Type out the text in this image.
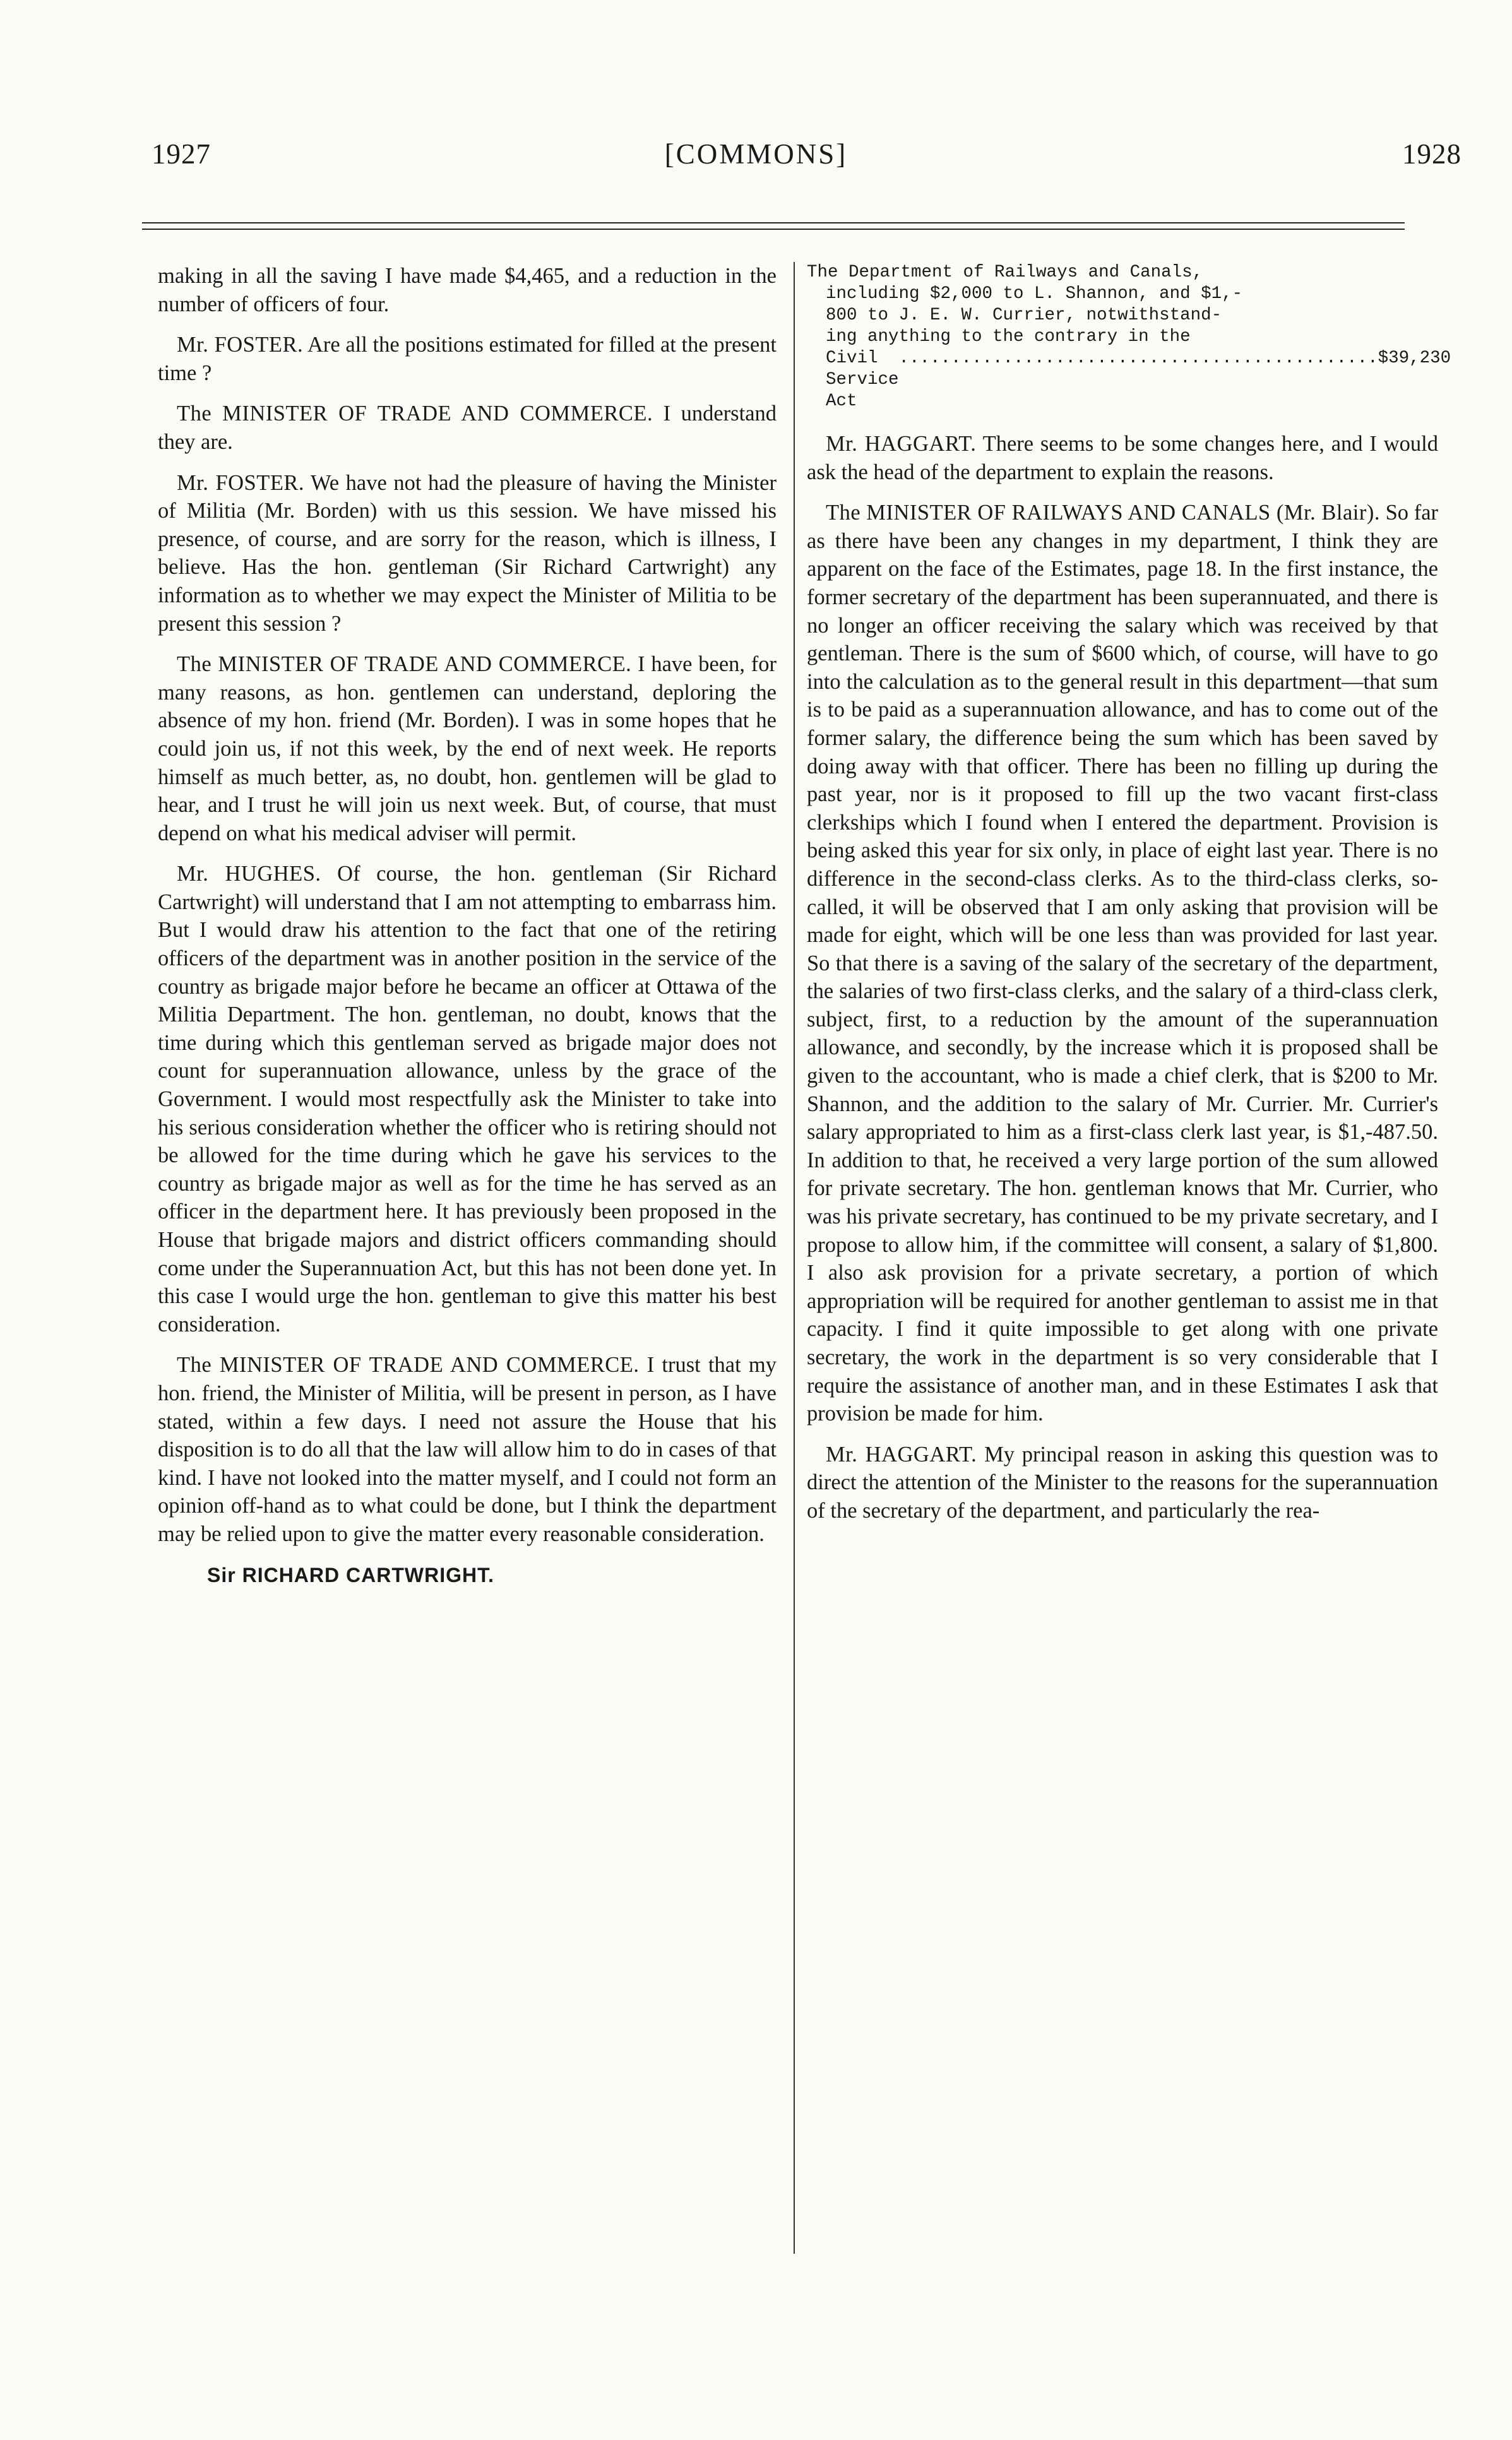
1927	[COMMONS]	1928

making in all the saving I have made $4,465, and a reduction in the number of officers of four.

Mr. FOSTER. Are all the positions estimated for filled at the present time ?

The MINISTER OF TRADE AND COMMERCE. I understand they are.

Mr. FOSTER. We have not had the pleasure of having the Minister of Militia (Mr. Borden) with us this session. We have missed his presence, of course, and are sorry for the reason, which is illness, I believe. Has the hon. gentleman (Sir Richard Cartwright) any information as to whether we may expect the Minister of Militia to be present this session ?

The MINISTER OF TRADE AND COMMERCE. I have been, for many reasons, as hon. gentlemen can understand, deploring the absence of my hon. friend (Mr. Borden). I was in some hopes that he could join us, if not this week, by the end of next week. He reports himself as much better, as, no doubt, hon. gentlemen will be glad to hear, and I trust he will join us next week. But, of course, that must depend on what his medical adviser will permit.

Mr. HUGHES. Of course, the hon. gentleman (Sir Richard Cartwright) will understand that I am not attempting to embarrass him. But I would draw his attention to the fact that one of the retiring officers of the department was in another position in the service of the country as brigade major before he became an officer at Ottawa of the Militia Department. The hon. gentleman, no doubt, knows that the time during which this gentleman served as brigade major does not count for superannuation allowance, unless by the grace of the Government. I would most respectfully ask the Minister to take into his serious consideration whether the officer who is retiring should not be allowed for the time during which he gave his services to the country as brigade major as well as for the time he has served as an officer in the department here. It has previously been proposed in the House that brigade majors and district officers commanding should come under the Superannuation Act, but this has not been done yet. In this case I would urge the hon. gentleman to give this matter his best consideration.

The MINISTER OF TRADE AND COMMERCE. I trust that my hon. friend, the Minister of Militia, will be present in person, as I have stated, within a few days. I need not assure the House that his disposition is to do all that the law will allow him to do in cases of that kind. I have not looked into the matter myself, and I could not form an opinion off-hand as to what could be done, but I think the department may be relied upon to give the matter every reasonable consideration.

Sir RICHARD CARTWRIGHT.
The Department of Railways and Canals,
including $2,000 to L. Shannon, and $1,-
800 to J. E. W. Currier, notwithstand-
ing anything to the contrary in the
Civil Service Act
.............................................. $39,230

Mr. HAGGART. There seems to be some changes here, and I would ask the head of the department to explain the reasons.

The MINISTER OF RAILWAYS AND CANALS (Mr. Blair). So far as there have been any changes in my department, I think they are apparent on the face of the Estimates, page 18. In the first instance, the former secretary of the department has been superannuated, and there is no longer an officer receiving the salary which was received by that gentleman. There is the sum of $600 which, of course, will have to go into the calculation as to the general result in this department—that sum is to be paid as a superannuation allowance, and has to come out of the former salary, the difference being the sum which has been saved by doing away with that officer. There has been no filling up during the past year, nor is it proposed to fill up the two vacant first-class clerkships which I found when I entered the department. Provision is being asked this year for six only, in place of eight last year. There is no difference in the second-class clerks. As to the third-class clerks, so-called, it will be observed that I am only asking that provision will be made for eight, which will be one less than was provided for last year. So that there is a saving of the salary of the secretary of the department, the salaries of two first-class clerks, and the salary of a third-class clerk, subject, first, to a reduction by the amount of the superannuation allowance, and secondly, by the increase which it is proposed shall be given to the accountant, who is made a chief clerk, that is $200 to Mr. Shannon, and the addition to the salary of Mr. Currier. Mr. Currier's salary appropriated to him as a first-class clerk last year, is $1,-487.50. In addition to that, he received a very large portion of the sum allowed for private secretary. The hon. gentleman knows that Mr. Currier, who was his private secretary, has continued to be my private secretary, and I propose to allow him, if the committee will consent, a salary of $1,800. I also ask provision for a private secretary, a portion of which appropriation will be required for another gentleman to assist me in that capacity. I find it quite impossible to get along with one private secretary, the work in the department is so very considerable that I require the assistance of another man, and in these Estimates I ask that provision be made for him.

Mr. HAGGART. My principal reason in asking this question was to direct the attention of the Minister to the reasons for the superannuation of the secretary of the department, and particularly the rea-
